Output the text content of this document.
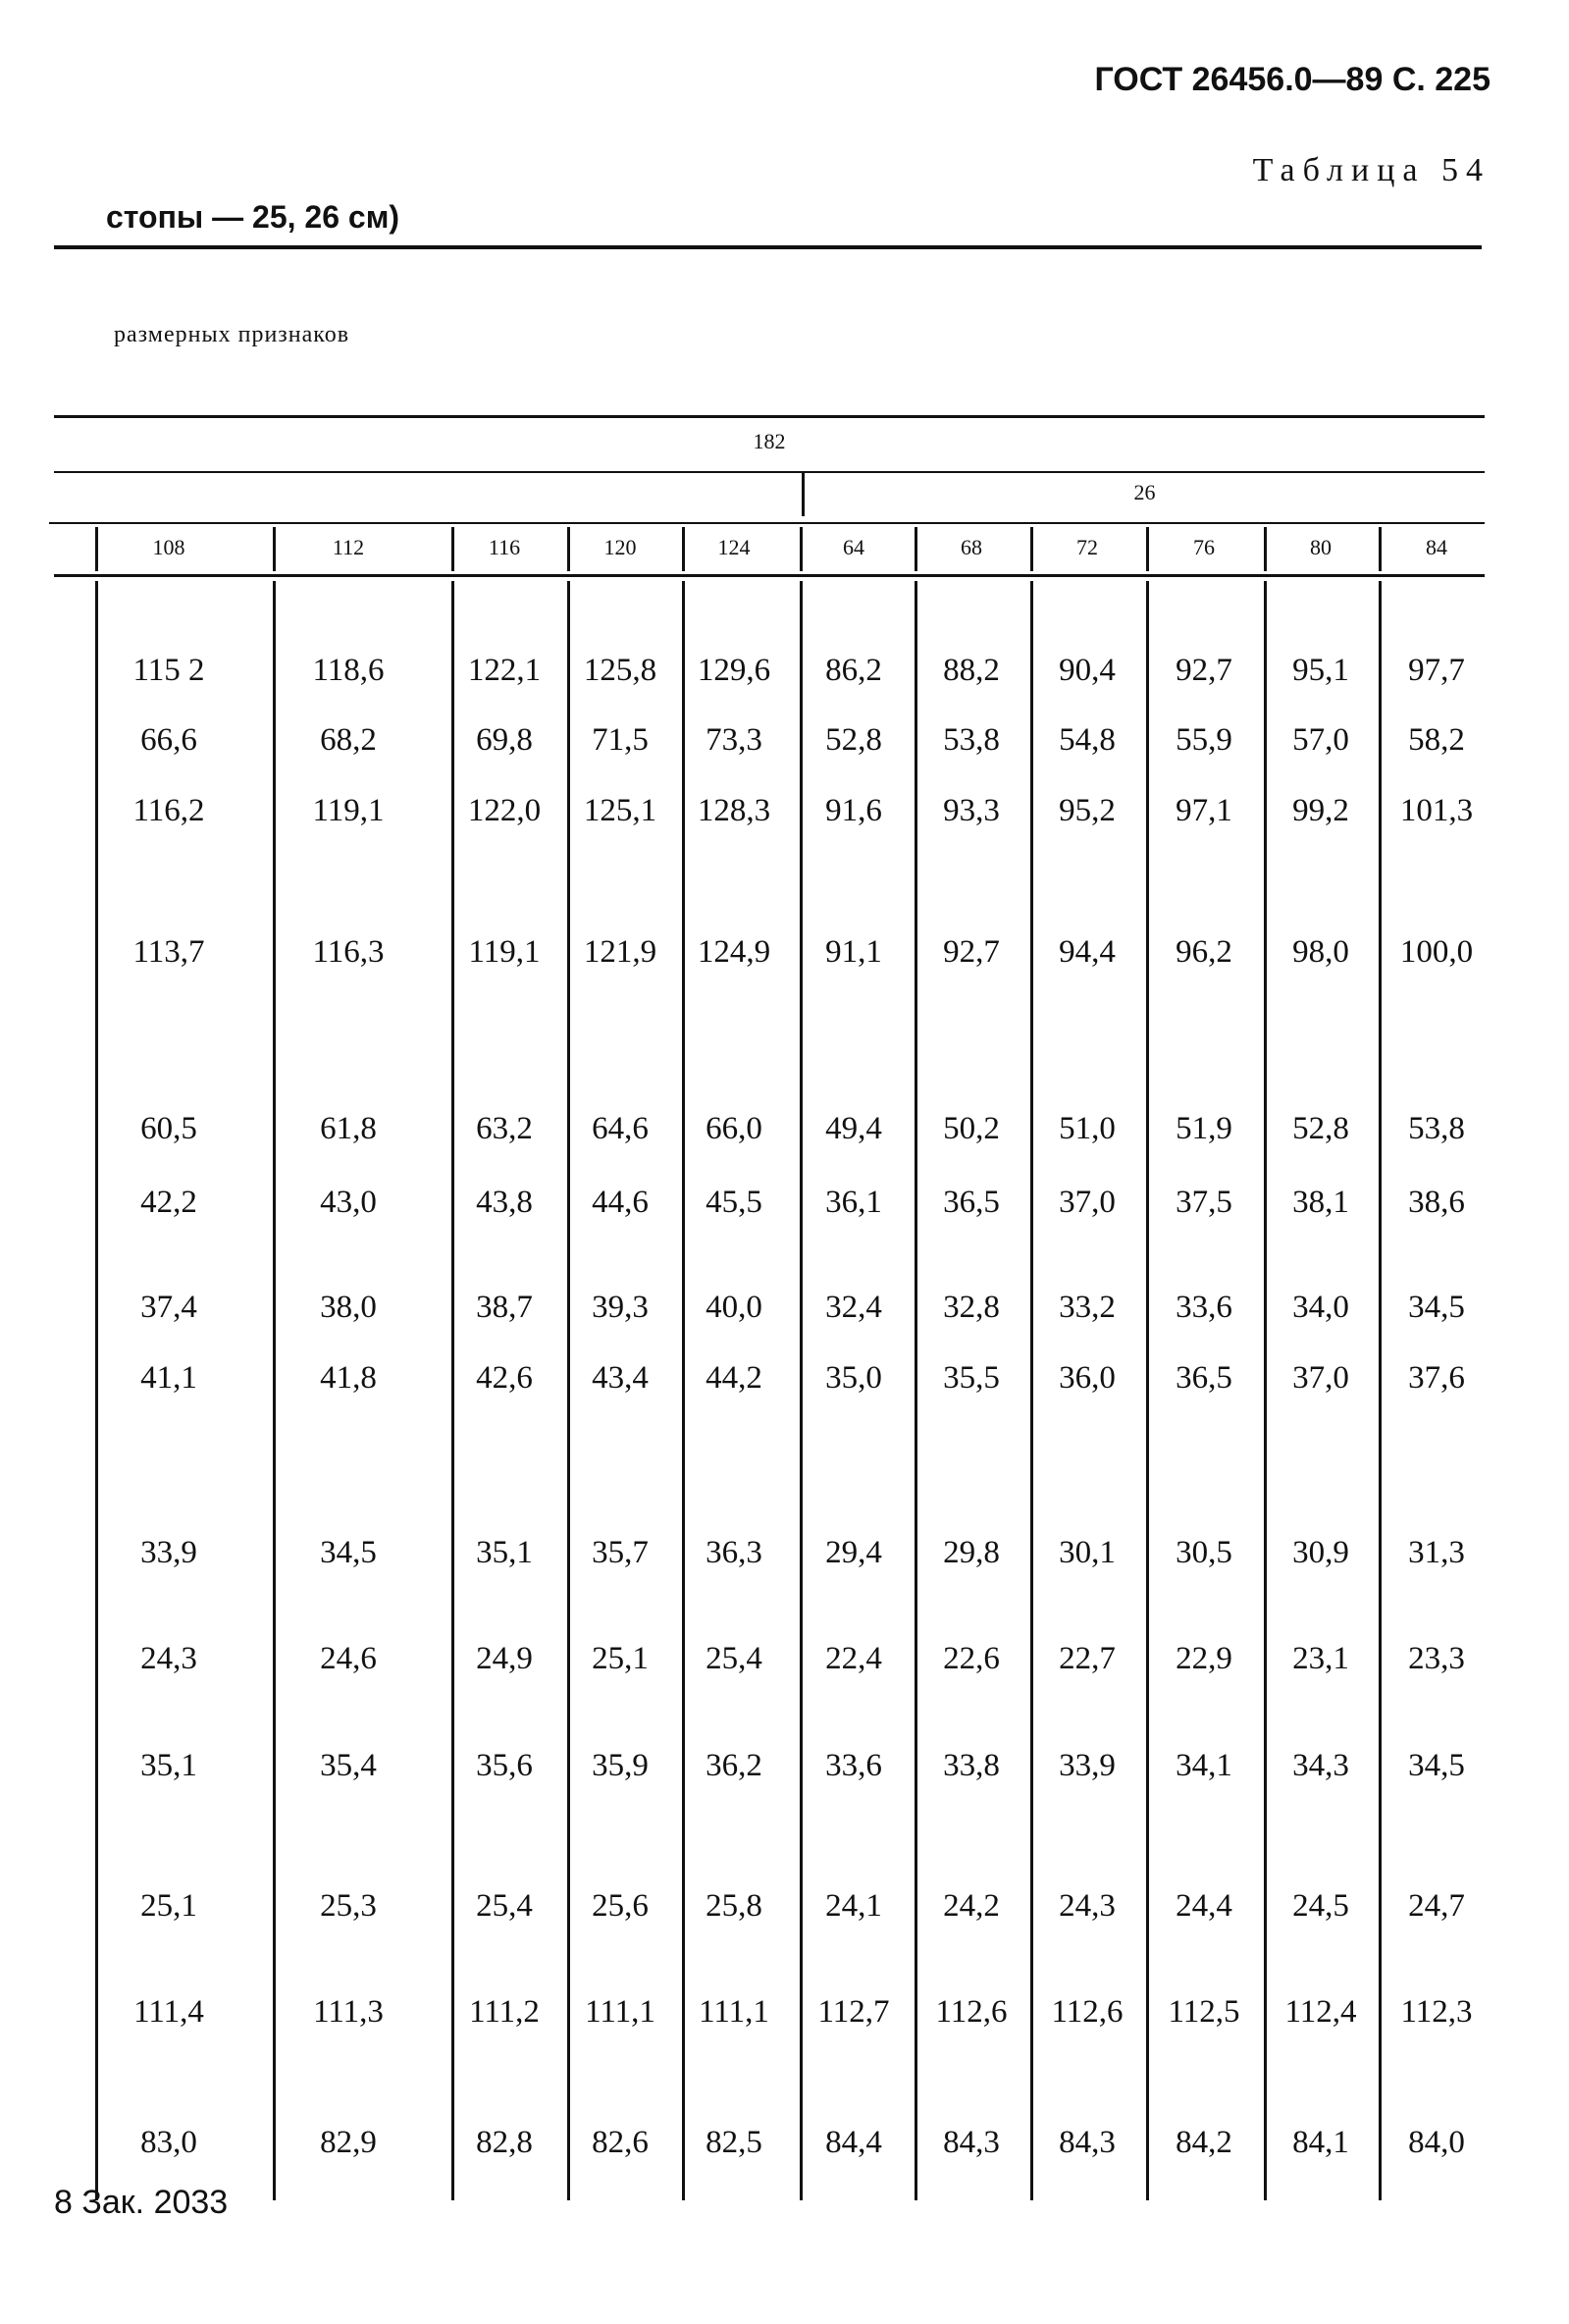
ГОСТ 26456.0—89 С. 225
Таблица 54
стопы — 25, 26 см)
размерных признаков
182
26
108	112	116	120	124	64	68	72	76	80	84
115 2	118,6	122,1	125,8	129,6	86,2	88,2	90,4	92,7	95,1	97,7
66,6	68,2	69,8	71,5	73,3	52,8	53,8	54,8	55,9	57,0	58,2
116,2	119,1	122,0	125,1	128,3	91,6	93,3	95,2	97,1	99,2	101,3
113,7	116,3	119,1	121,9	124,9	91,1	92,7	94,4	96,2	98,0	100,0
60,5	61,8	63,2	64,6	66,0	49,4	50,2	51,0	51,9	52,8	53,8
42,2	43,0	43,8	44,6	45,5	36,1	36,5	37,0	37,5	38,1	38,6
37,4	38,0	38,7	39,3	40,0	32,4	32,8	33,2	33,6	34,0	34,5
41,1	41,8	42,6	43,4	44,2	35,0	35,5	36,0	36,5	37,0	37,6
33,9	34,5	35,1	35,7	36,3	29,4	29,8	30,1	30,5	30,9	31,3
24,3	24,6	24,9	25,1	25,4	22,4	22,6	22,7	22,9	23,1	23,3
35,1	35,4	35,6	35,9	36,2	33,6	33,8	33,9	34,1	34,3	34,5
25,1	25,3	25,4	25,6	25,8	24,1	24,2	24,3	24,4	24,5	24,7
111,4	111,3	111,2	111,1	111,1	112,7	112,6	112,6	112,5	112,4	112,3
83,0	82,9	82,8	82,6	82,5	84,4	84,3	84,3	84,2	84,1	84,0
8 Зак. 2033
